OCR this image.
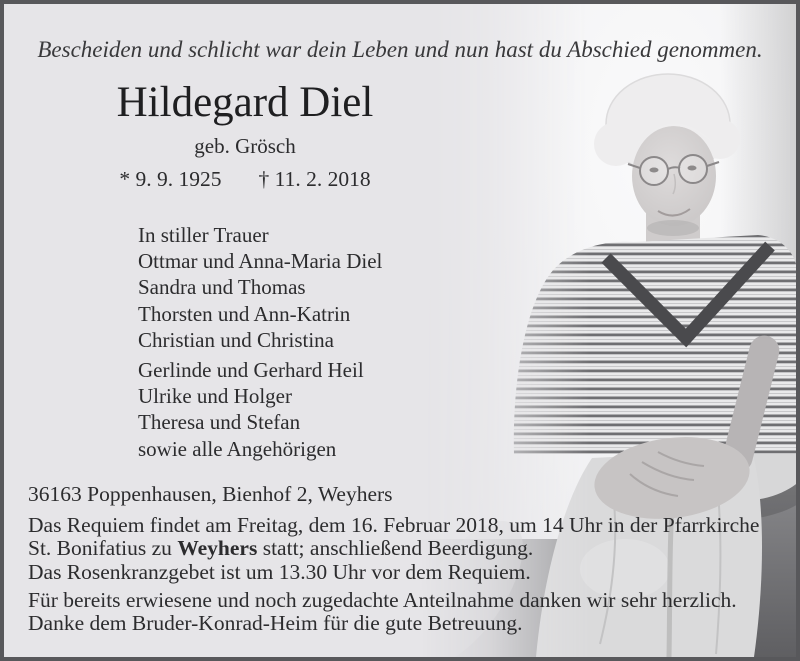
Bescheiden und schlicht war dein Leben und nun hast du Abschied genommen.
Hildegard Diel
geb. Grösch
* 9. 9. 1925 † 11. 2. 2018
In stiller Trauer
Ottmar und Anna-Maria Diel
Sandra und Thomas
Thorsten und Ann-Katrin
Christian und Christina
Gerlinde und Gerhard Heil
Ulrike und Holger
Theresa und Stefan
sowie alle Angehörigen
36163 Poppenhausen, Bienhof 2, Weyhers
Das Requiem findet am Freitag, dem 16. Februar 2018, um 14 Uhr in der Pfarrkirche
St. Bonifatius zu Weyhers statt; anschließend Beerdigung.
Das Rosenkranzgebet ist um 13.30 Uhr vor dem Requiem.
Für bereits erwiesene und noch zugedachte Anteilnahme danken wir sehr herzlich.
Danke dem Bruder-Konrad-Heim für die gute Betreuung.
